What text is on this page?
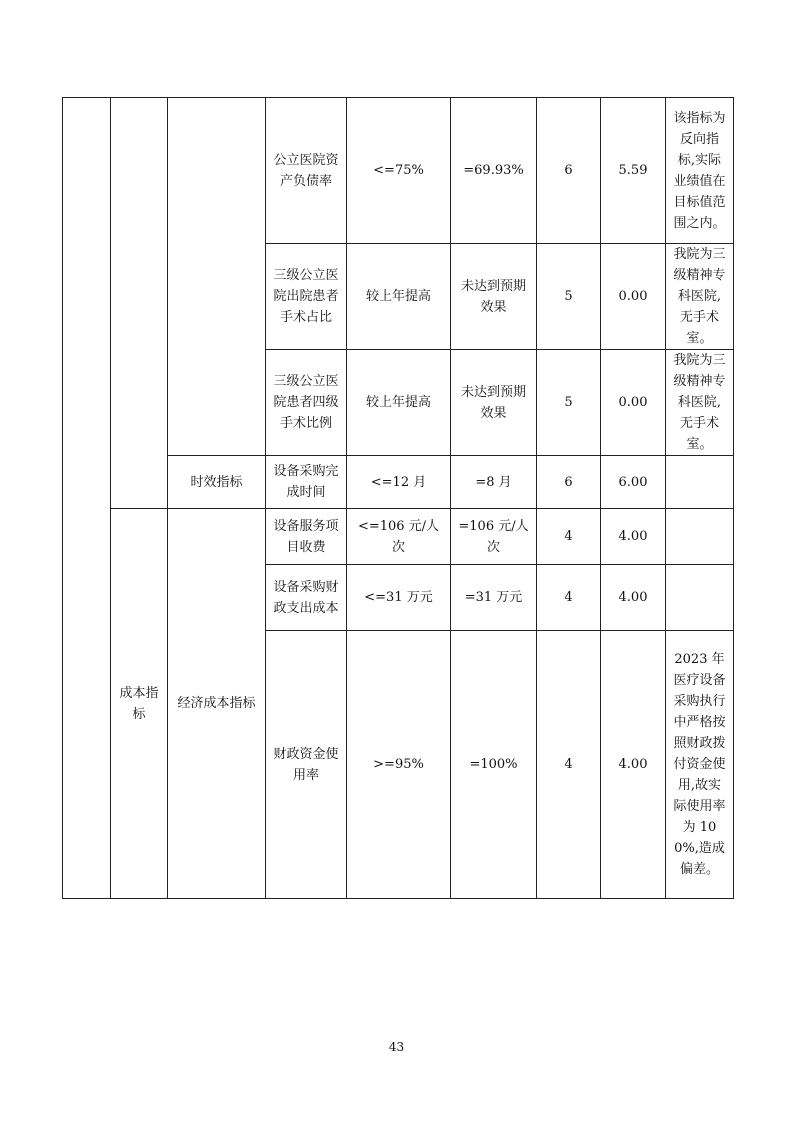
			公立医院资产负债率	<=75%	=69.93%	6	5.59	该指标为反向指标,实际业绩值在目标值范围之内。
			三级公立医院出院患者手术占比	较上年提高	未达到预期效果	5	0.00	我院为三级精神专科医院,无手术室。
			三级公立医院患者四级手术比例	较上年提高	未达到预期效果	5	0.00	我院为三级精神专科医院,无手术室。
		时效指标	设备采购完成时间	<=12 月	=8 月	6	6.00	
	成本指标	经济成本指标	设备服务项目收费	<=106 元/人次	=106 元/人次	4	4.00	
			设备采购财政支出成本	<=31 万元	=31 万元	4	4.00	
			财政资金使用率	>=95%	=100%	4	4.00	2023 年医疗设备采购执行中严格按照财政拨付资金使用,故实际使用率为 100%,造成偏差。
43
